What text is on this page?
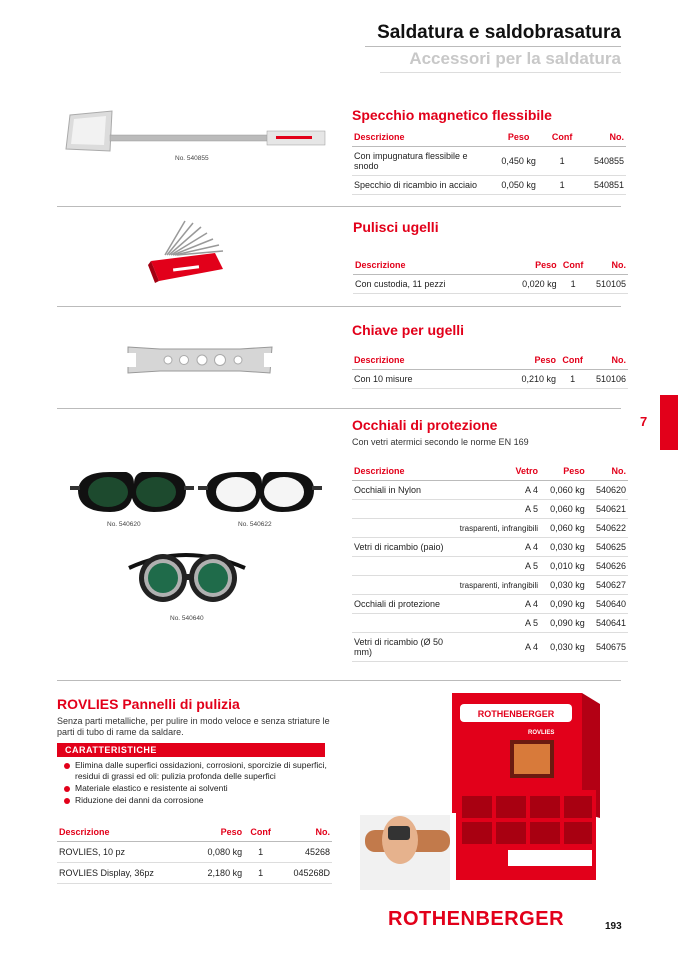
Saldatura e saldobrasatura
Accessori per la saldatura
7
No. 540855
Specchio magnetico flessibile
Descrizione	Peso	Conf	No.
Con impugnatura flessibile e snodo	0,450 kg	1	540855
Specchio di ricambio in acciaio	0,050 kg	1	540851
Pulisci ugelli
Descrizione	Peso	Conf	No.
Con custodia, 11 pezzi	0,020 kg	1	510105
Chiave per ugelli
Descrizione	Peso	Conf	No.
Con 10 misure	0,210 kg	1	510106
No. 540620	No. 540622
No. 540640
Occhiali di protezione
Con vetri atermici secondo le norme EN 169
Descrizione	Vetro	Peso	No.
Occhiali in Nylon	A 4	0,060 kg	540620
	A 5	0,060 kg	540621
	trasparenti, infrangibili	0,060 kg	540622
Vetri di ricambio (paio)	A 4	0,030 kg	540625
	A 5	0,010 kg	540626
	trasparenti, infrangibili	0,030 kg	540627
Occhiali di protezione	A 4	0,090 kg	540640
	A 5	0,090 kg	540641
Vetri di ricambio (Ø 50 mm)	A 4	0,030 kg	540675
ROVLIES Pannelli di pulizia
Senza parti metalliche, per pulire in modo veloce e senza striature le parti di tubo di rame da saldare.
CARATTERISTICHE
Elimina dalle superfici ossidazioni, corrosioni, sporcizie di superfici, residui di grassi ed oli: pulizia profonda delle superfici
Materiale elastico e resistente ai solventi
Riduzione dei danni da corrosione
Descrizione	Peso	Conf	No.
ROVLIES, 10 pz	0,080 kg	1	45268
ROVLIES Display, 36pz	2,180 kg	1	045268D
ROTHENBERGER
ROVLIES
ROTHENBERGER	193
